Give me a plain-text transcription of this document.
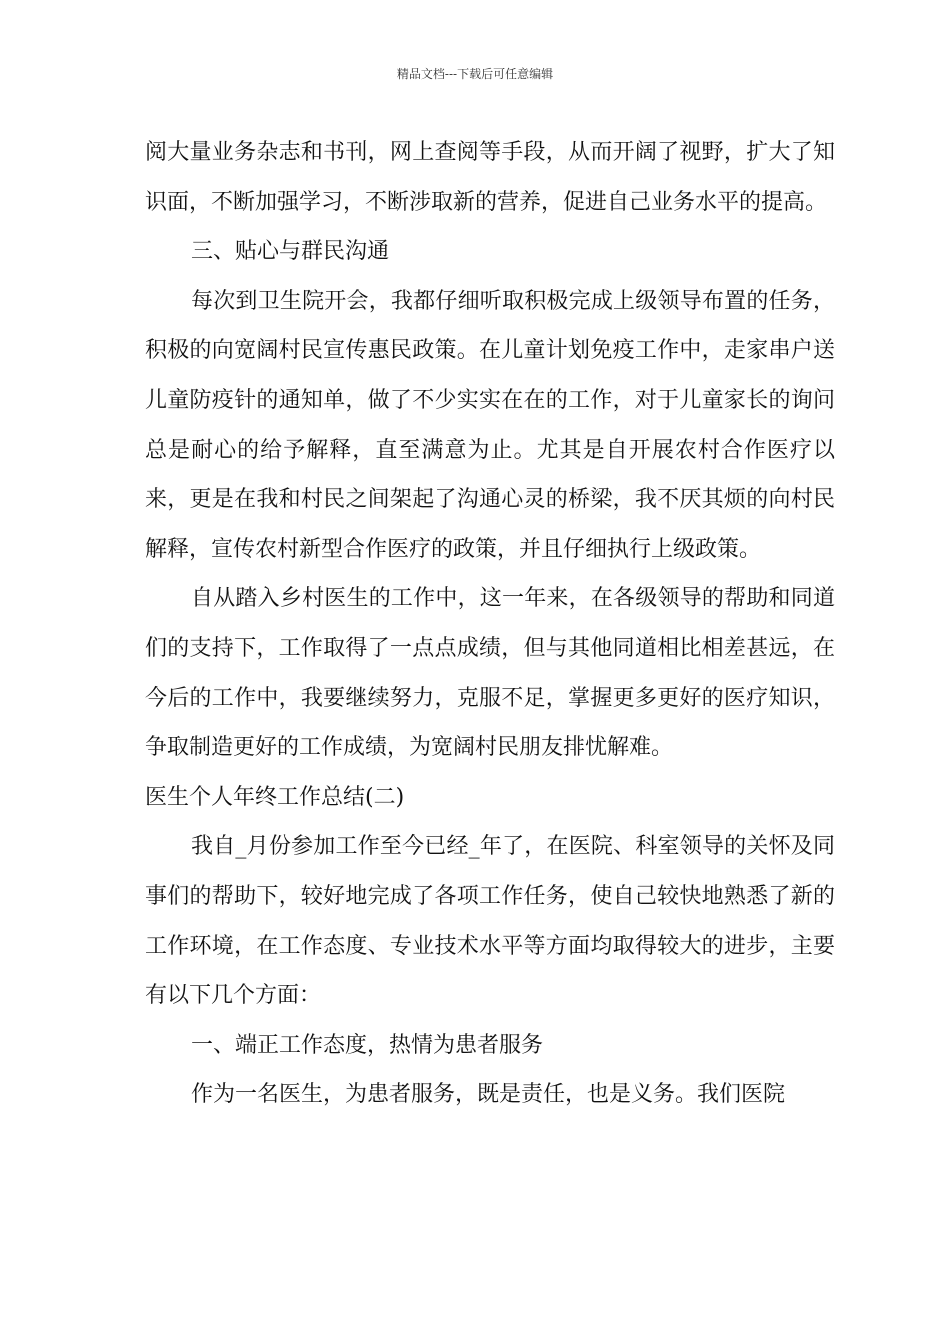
精品文档---下载后可任意编辑

阅大量业务杂志和书刊，网上查阅等手段，从而开阔了视野，扩大了知识面，不断加强学习，不断涉取新的营养，促进自己业务水平的提高。

三、贴心与群民沟通

每次到卫生院开会，我都仔细听取积极完成上级领导布置的任务，积极的向宽阔村民宣传惠民政策。在儿童计划免疫工作中，走家串户送儿童防疫针的通知单，做了不少实实在在的工作，对于儿童家长的询问总是耐心的给予解释，直至满意为止。尤其是自开展农村合作医疗以来，更是在我和村民之间架起了沟通心灵的桥梁，我不厌其烦的向村民解释，宣传农村新型合作医疗的政策，并且仔细执行上级政策。

自从踏入乡村医生的工作中，这一年来，在各级领导的帮助和同道们的支持下，工作取得了一点点成绩，但与其他同道相比相差甚远，在今后的工作中，我要继续努力，克服不足，掌握更多更好的医疗知识，争取制造更好的工作成绩，为宽阔村民朋友排忧解难。

医生个人年终工作总结(二)

我自_月份参加工作至今已经_年了，在医院、科室领导的关怀及同事们的帮助下，较好地完成了各项工作任务，使自己较快地熟悉了新的工作环境，在工作态度、专业技术水平等方面均取得较大的进步，主要有以下几个方面：

一、端正工作态度，热情为患者服务

作为一名医生，为患者服务，既是责任，也是义务。我们医院
